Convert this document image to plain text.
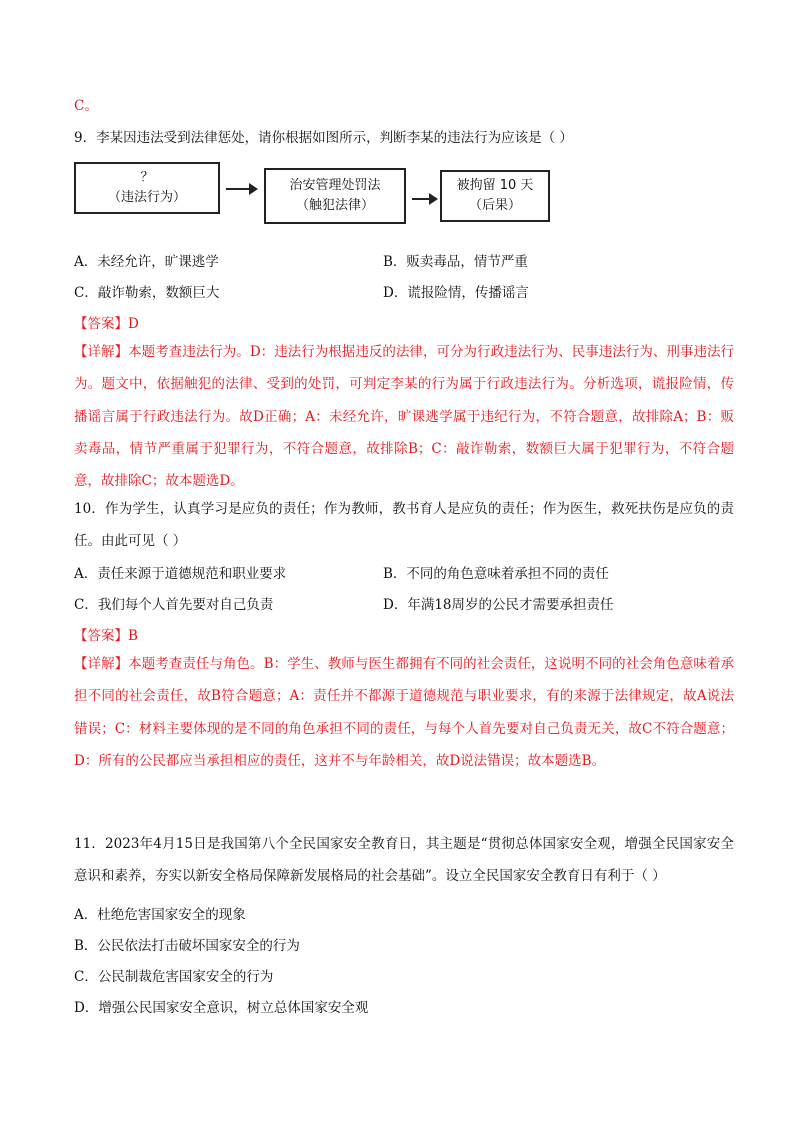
C。
9．李某因违法受到法律惩处，请你根据如图所示，判断李某的违法行为应该是（ ）
？
（违法行为）
治安管理处罚法
（触犯法律）
被拘留 10 天
（后果）
A．未经允许，旷课逃学	B．贩卖毒品，情节严重
C．敲诈勒索，数额巨大	D．谎报险情，传播谣言
【答案】D
【详解】本题考查违法行为。D：违法行为根据违反的法律，可分为行政违法行为、民事违法行为、刑事违法行为。题文中，依据触犯的法律、受到的处罚，可判定李某的行为属于行政违法行为。分析选项，谎报险情，传播谣言属于行政违法行为。故D正确；A：未经允许，旷课逃学属于违纪行为，不符合题意，故排除A；B：贩卖毒品，情节严重属于犯罪行为，不符合题意，故排除B；C：敲诈勒索，数额巨大属于犯罪行为，不符合题意，故排除C；故本题选D。
10．作为学生，认真学习是应负的责任；作为教师，教书育人是应负的责任；作为医生，救死扶伤是应负的责任。由此可见（ ）
A．责任来源于道德规范和职业要求	B．不同的角色意味着承担不同的责任
C．我们每个人首先要对自己负责	D．年满18周岁的公民才需要承担责任
【答案】B
【详解】本题考查责任与角色。B：学生、教师与医生都拥有不同的社会责任，这说明不同的社会角色意味着承担不同的社会责任，故B符合题意；A：责任并不都源于道德规范与职业要求，有的来源于法律规定，故A说法错误；C：材料主要体现的是不同的角色承担不同的责任，与每个人首先要对自己负责无关，故C不符合题意；D：所有的公民都应当承担相应的责任，这并不与年龄相关，故D说法错误；故本题选B。
11．2023年4月15日是我国第八个全民国家安全教育日，其主题是“贯彻总体国家安全观，增强全民国家安全意识和素养，夯实以新安全格局保障新发展格局的社会基础”。设立全民国家安全教育日有利于（ ）
A．杜绝危害国家安全的现象
B．公民依法打击破坏国家安全的行为
C．公民制裁危害国家安全的行为
D．增强公民国家安全意识，树立总体国家安全观
